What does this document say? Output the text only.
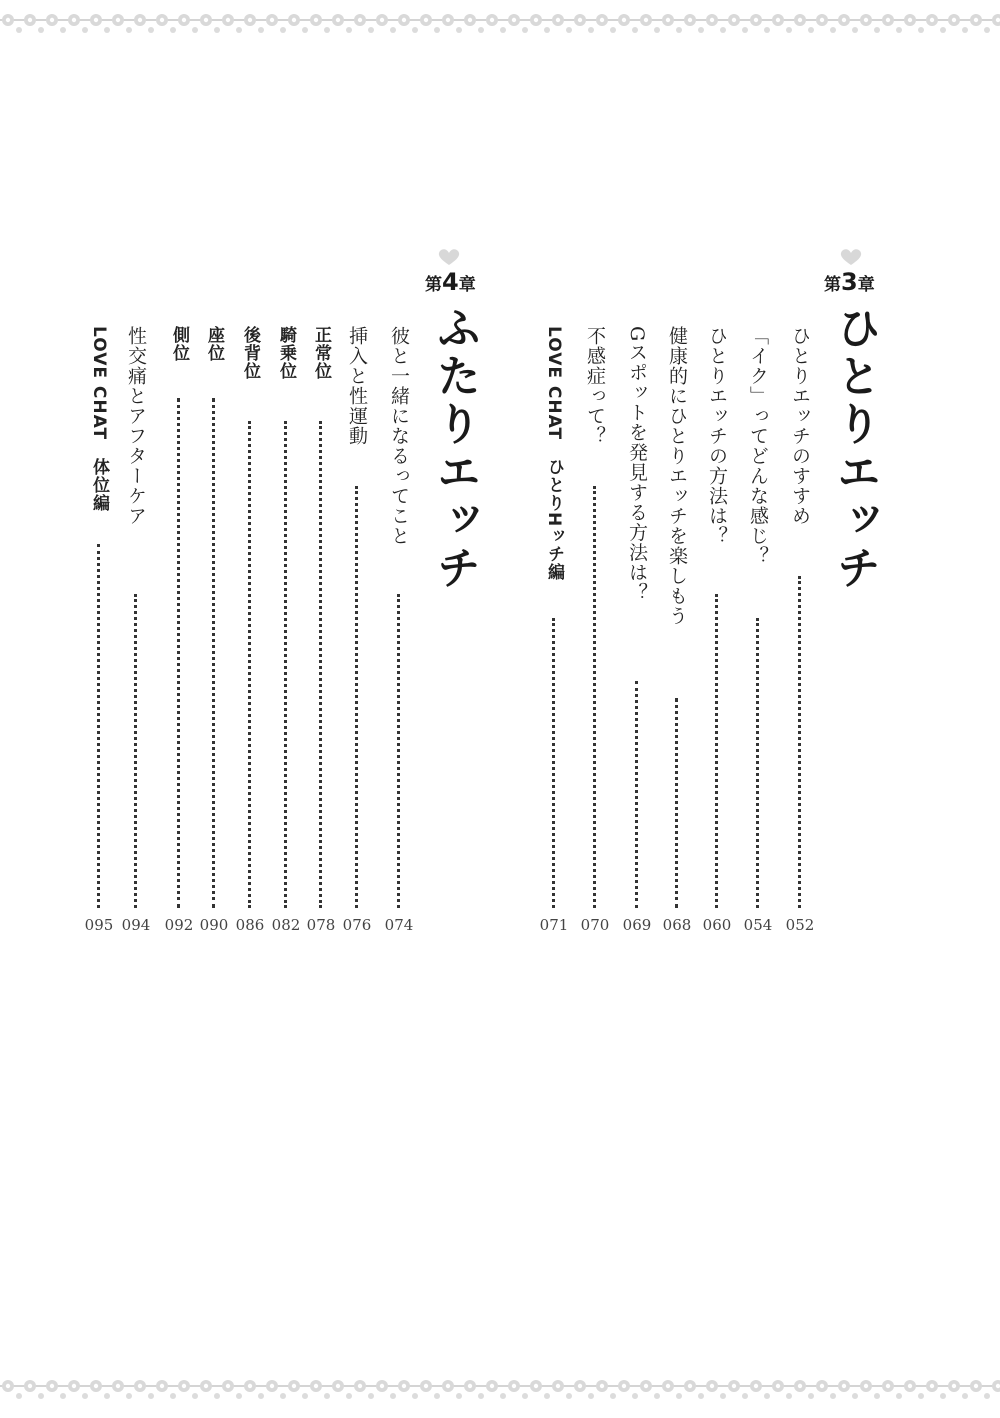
第3章
ひとりエッチ
ひとりエッチのすすめ
052
「イク」ってどんな感じ？
054
ひとりエッチの方法は？
060
健康的にひとりエッチを楽しもう
068
Gスポットを発見する方法は？
069
不感症って？
070
LOVE CHAT　ひとりHッチ編
071
第4章
ふたりエッチ
彼と一緒になるってこと
074
挿入と性運動
076
正常位
078
騎乗位
082
後背位
086
座位
090
側位
092
性交痛とアフターケア
094
LOVE CHAT　体位編
095
